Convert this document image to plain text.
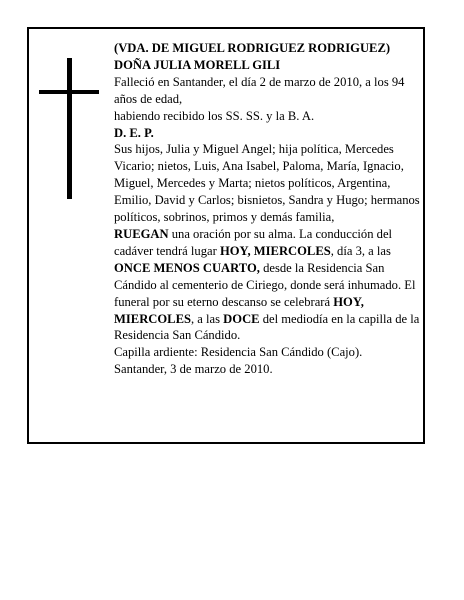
(VDA. DE MIGUEL RODRIGUEZ RODRIGUEZ)

DOÑA JULIA MORELL GILI

Falleció en Santander, el día 2 de marzo de 2010, a los 94 años de edad,

habiendo recibido los SS. SS. y la B. A.

D. E. P.

Sus hijos, Julia y Miguel Angel; hija política, Mercedes Vicario; nietos, Luis, Ana Isabel, Paloma, María, Ignacio, Miguel, Mercedes y Marta; nietos políticos, Argentina, Emilio, David y Carlos; bisnietos, Sandra y Hugo; hermanos políticos, sobrinos, primos y demás familia,

RUEGAN una oración por su alma. La conducción del cadáver tendrá lugar HOY, MIERCOLES, día 3, a las ONCE MENOS CUARTO, desde la Residencia San Cándido al cementerio de Ciriego, donde será inhumado. El funeral por su eterno descanso se celebrará HOY, MIERCOLES, a las DOCE del mediodía en la capilla de la Residencia San Cándido.

Capilla ardiente: Residencia San Cándido (Cajo).

Santander, 3 de marzo de 2010.
